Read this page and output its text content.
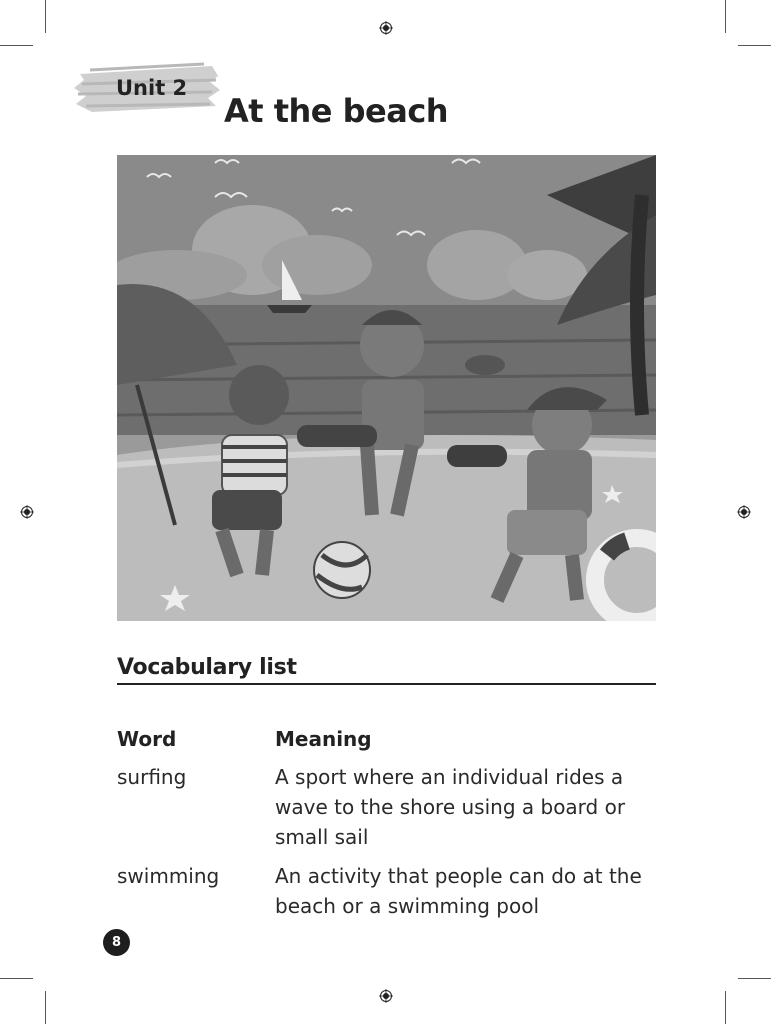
Unit 2
At the beach
Vocabulary list
Word	Meaning
surfing	A sport where an individual rides a
wave to the shore using a board or
small sail
swimming	An activity that people can do at the
beach or a swimming pool
8
